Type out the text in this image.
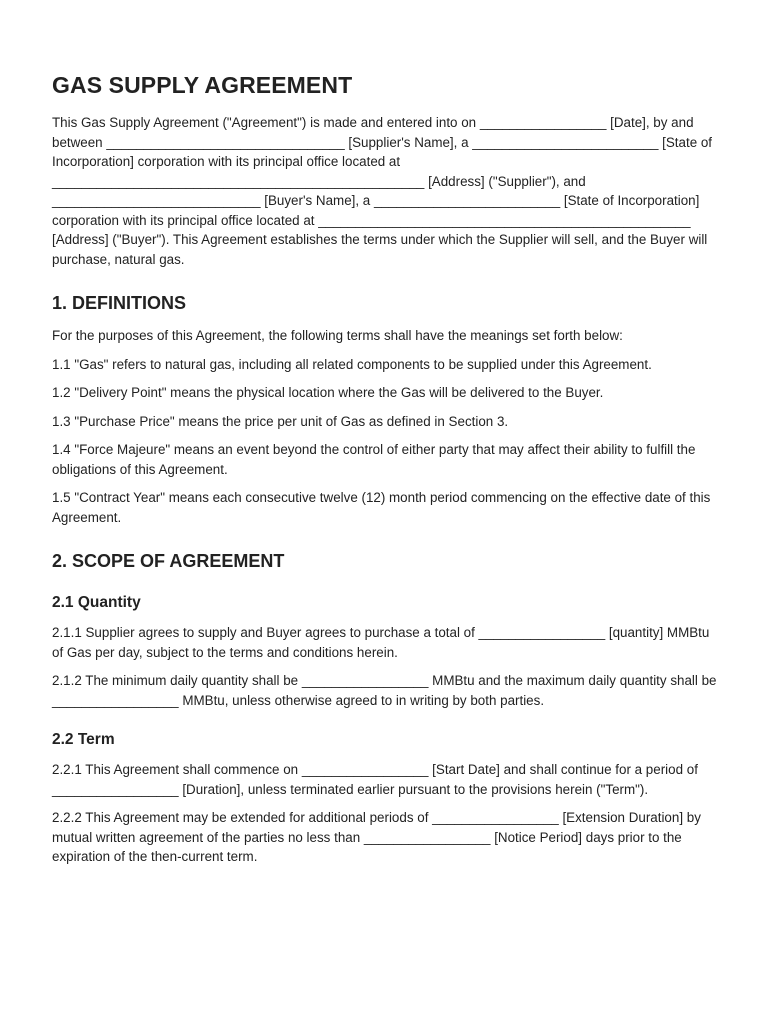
GAS SUPPLY AGREEMENT

This Gas Supply Agreement ("Agreement") is made and entered into on _________________ [Date], by and between ________________________________ [Supplier's Name], a _________________________ [State of Incorporation] corporation with its principal office located at __________________________________________________ [Address] ("Supplier"), and ____________________________ [Buyer's Name], a _________________________ [State of Incorporation] corporation with its principal office located at __________________________________________________ [Address] ("Buyer"). This Agreement establishes the terms under which the Supplier will sell, and the Buyer will purchase, natural gas.

1. DEFINITIONS

For the purposes of this Agreement, the following terms shall have the meanings set forth below:

1.1 "Gas" refers to natural gas, including all related components to be supplied under this Agreement.

1.2 "Delivery Point" means the physical location where the Gas will be delivered to the Buyer.

1.3 "Purchase Price" means the price per unit of Gas as defined in Section 3.

1.4 "Force Majeure" means an event beyond the control of either party that may affect their ability to fulfill the obligations of this Agreement.

1.5 "Contract Year" means each consecutive twelve (12) month period commencing on the effective date of this Agreement.

2. SCOPE OF AGREEMENT
2.1 Quantity

2.1.1 Supplier agrees to supply and Buyer agrees to purchase a total of _________________ [quantity] MMBtu of Gas per day, subject to the terms and conditions herein.

2.1.2 The minimum daily quantity shall be _________________ MMBtu and the maximum daily quantity shall be _________________ MMBtu, unless otherwise agreed to in writing by both parties.

2.2 Term

2.2.1 This Agreement shall commence on _________________ [Start Date] and shall continue for a period of _________________ [Duration], unless terminated earlier pursuant to the provisions herein ("Term").

2.2.2 This Agreement may be extended for additional periods of _________________ [Extension Duration] by mutual written agreement of the parties no less than _________________ [Notice Period] days prior to the expiration of the then-current term.
